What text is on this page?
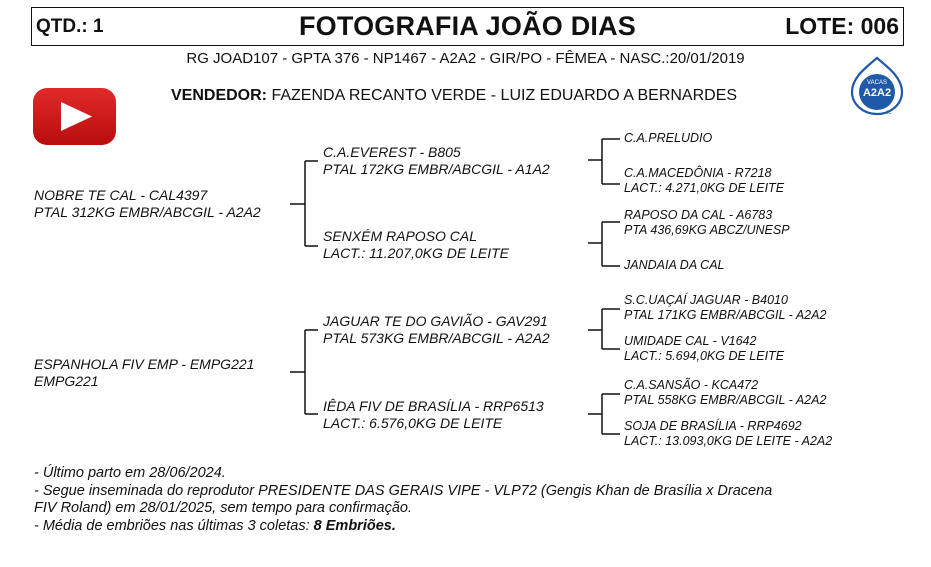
QTD.: 1	FOTOGRAFIA JOÃO DIAS	LOTE: 006
RG JOAD107 - GPTA 376 - NP1467 - A2A2 - GIR/PO - FÊMEA - NASC.:20/01/2019
VENDEDOR: FAZENDA RECANTO VERDE - LUIZ EDUARDO A BERNARDES
VACAS
A2A2
IC
NOBRE TE CAL - CAL4397
PTAL 312KG EMBR/ABCGIL - A2A2
ESPANHOLA FIV EMP - EMPG221
EMPG221
C.A.EVEREST - B805
PTAL 172KG EMBR/ABCGIL - A1A2
SENXÉM RAPOSO CAL
LACT.: 11.207,0KG DE LEITE
JAGUAR TE DO GAVIÃO - GAV291
PTAL 573KG EMBR/ABCGIL - A2A2
IÊDA FIV DE BRASÍLIA - RRP6513
LACT.: 6.576,0KG DE LEITE
C.A.PRELUDIO
C.A.MACEDÔNIA - R7218
LACT.: 4.271,0KG DE LEITE
RAPOSO DA CAL - A6783
PTA 436,69KG ABCZ/UNESP
JANDAIA DA CAL
S.C.UAÇAÍ JAGUAR - B4010
PTAL 171KG EMBR/ABCGIL - A2A2
UMIDADE CAL - V1642
LACT.: 5.694,0KG DE LEITE
C.A.SANSÃO - KCA472
PTAL 558KG EMBR/ABCGIL - A2A2
SOJA DE BRASÍLIA - RRP4692
LACT.: 13.093,0KG DE LEITE - A2A2
- Último parto em 28/06/2024.
- Segue inseminada do reprodutor PRESIDENTE DAS GERAIS VIPE - VLP72 (Gengis Khan de Brasília x Dracena
FIV Roland) em 28/01/2025, sem tempo para confirmação.
- Média de embriões nas últimas 3 coletas: 8 Embriões.
